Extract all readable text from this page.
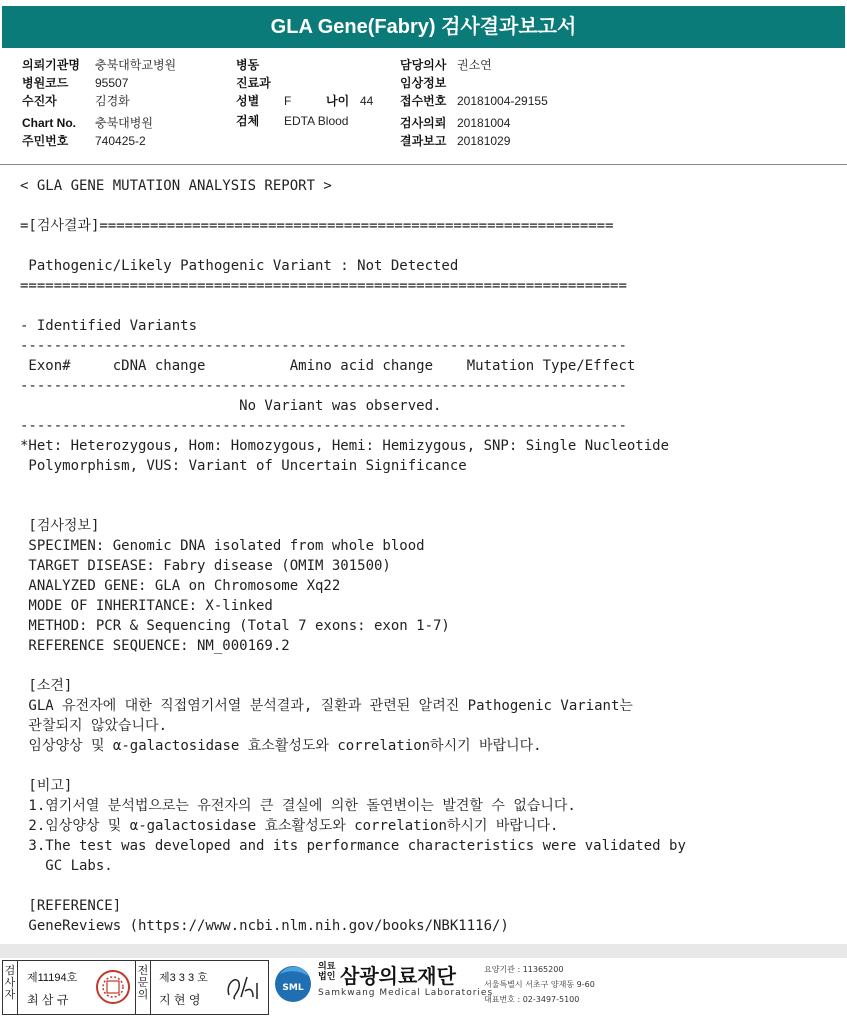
GLA Gene(Fabry) 검사결과보고서
의뢰기관명 충북대학교병원
병원코드 95507
수진자	김경화
Chart No. 충북대병원
주민번호 740425-2
병동
진료과
성별 F	나이 44
검체 EDTA Blood
담당의사 권소연
임상정보
접수번호 20181004-29155
검사의뢰 20181004
결과보고 20181029
< GLA GENE MUTATION ANALYSIS REPORT >
=[검사결과]=============================================================
Pathogenic/Likely Pathogenic Variant : Not Detected
========================================================================
- Identified Variants
------------------------------------------------------------------------
Exon#     cDNA change          Amino acid change    Mutation Type/Effect
------------------------------------------------------------------------
No Variant was observed.
------------------------------------------------------------------------
*Het: Heterozygous, Hom: Homozygous, Hemi: Hemizygous, SNP: Single Nucleotide
Polymorphism, VUS: Variant of Uncertain Significance
[검사정보]
SPECIMEN: Genomic DNA isolated from whole blood
TARGET DISEASE: Fabry disease (OMIM 301500)
ANALYZED GENE: GLA on Chromosome Xq22
MODE OF INHERITANCE: X-linked
METHOD: PCR & Sequencing (Total 7 exons: exon 1-7)
REFERENCE SEQUENCE: NM_000169.2
[소견]
GLA 유전자에 대한 직접염기서열 분석결과, 질환과 관련된 알려진 Pathogenic Variant는
관찰되지 않았습니다.
임상양상 및 α-galactosidase 효소활성도와 correlation하시기 바랍니다.
[비고]
1.염기서열 분석법으로는 유전자의 큰 결실에 의한 돌연변이는 발견할 수 없습니다.
2.임상양상 및 α-galactosidase 효소활성도와 correlation하시기 바랍니다.
3.The test was developed and its performance characteristics were validated by
GC Labs.
[REFERENCE]
GeneReviews (https://www.ncbi.nlm.nih.gov/books/NBK1116/)
검사자
제11194호
최 삼 규
전문의
제3 3 3 호
지 현 영
SML
의료
법인 삼광의료재단
Samkwang Medical Laboratories
요양기관 : 11365200
서울특별시 서초구 양재동 9-60
대표번호 : 02-3497-5100
